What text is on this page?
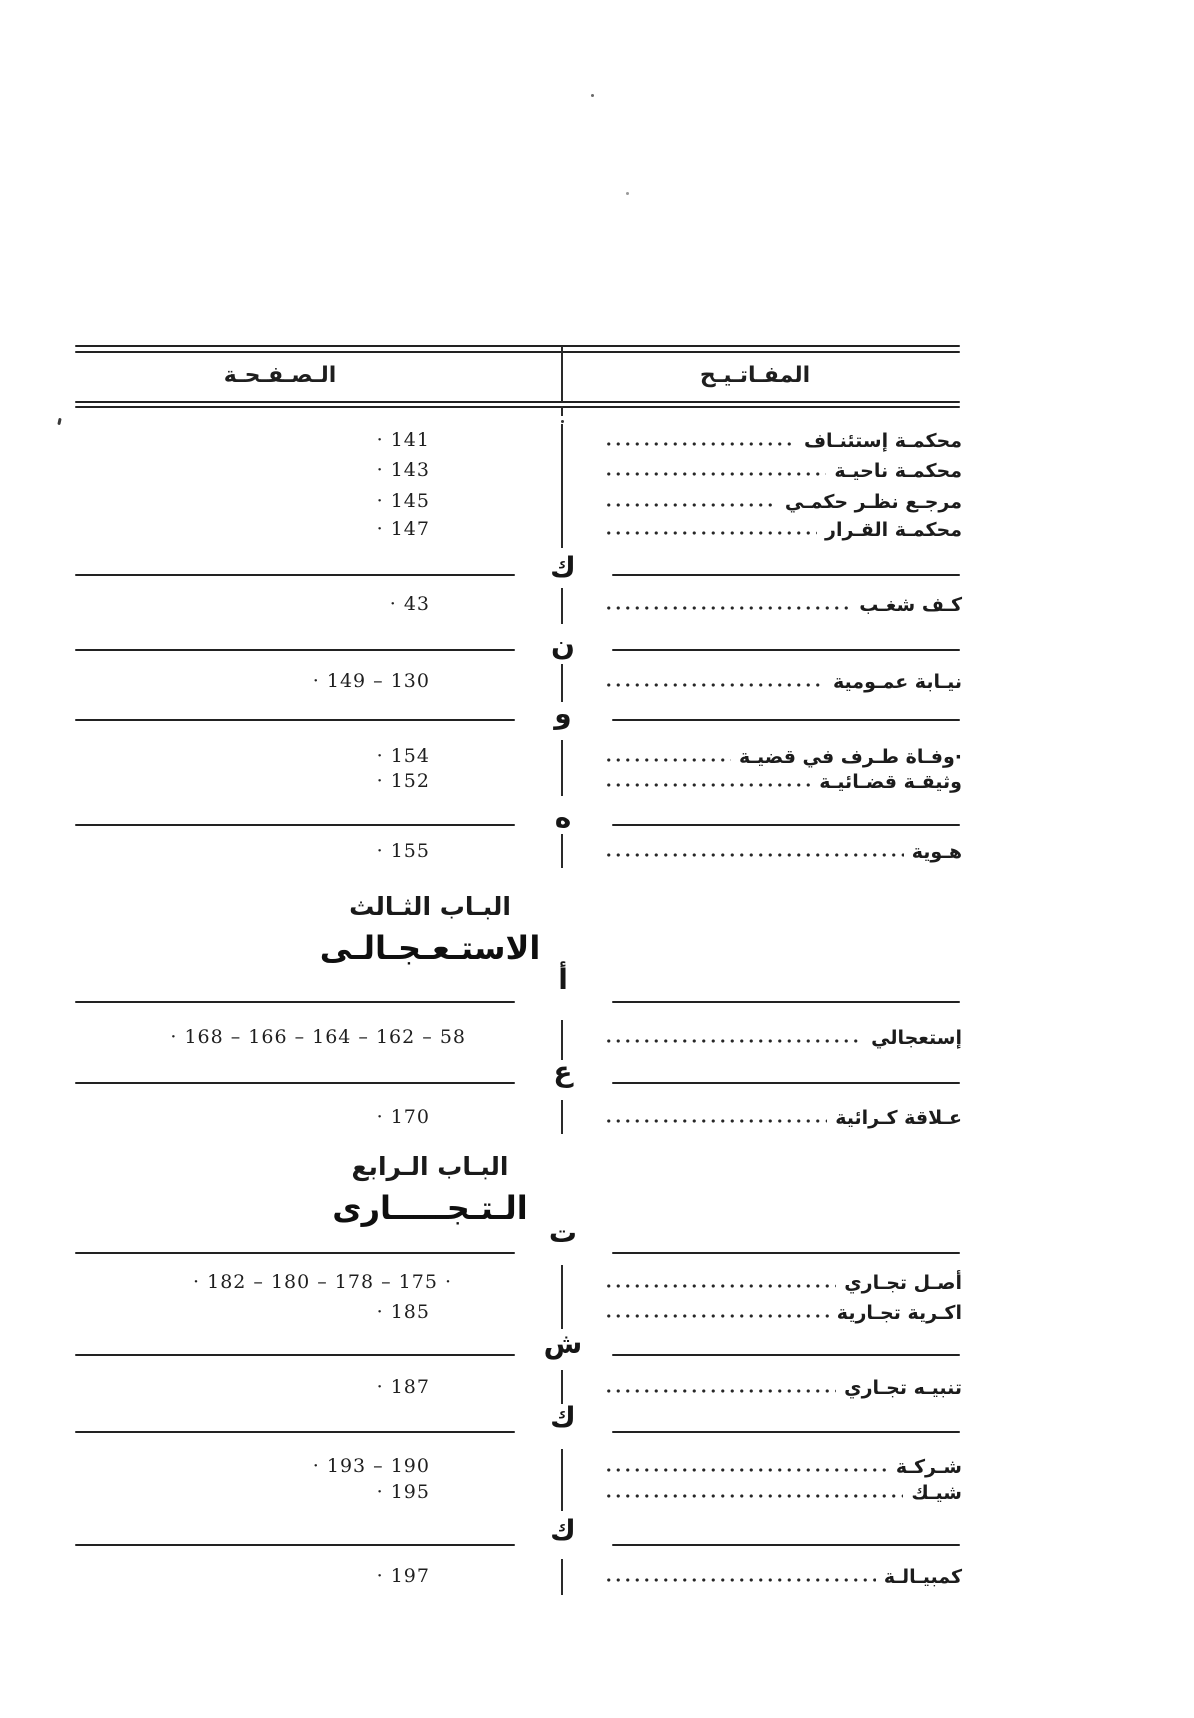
الـصـفـحـة	المفـاتـيـح
· 141	محكمـة إستئنـاف
· 143	محكمـة ناحيـة
· 145	مرجـع نظـر حكمـي
· 147	محكمـة القـرار
ك
· 43	كـف شغـب
ن
· 149 – 130	نيـابة عمـومية
و
· 154	·وفـاة طـرف في قضيـة
· 152	وثيقـة قضـائيـة
ه
· 155	هـوية
البـاب الثـالث
الاستـعـجـالـى
أ
· 168 – 166 – 164 – 162 – 58	إستعجالي
ع
· 170	عـلاقة كـرائية
البـاب الـرابع
الـتـجـــــارى
ت
· 182 – 180 – 178 – 175 ·	أصـل تجـاري
· 185	اكـرية تجـارية
ش
· 187	تنبيـه تجـاري
ك
· 193 – 190	شـركـة
· 195	شيـك
ك
· 197	كمبيـالـة
